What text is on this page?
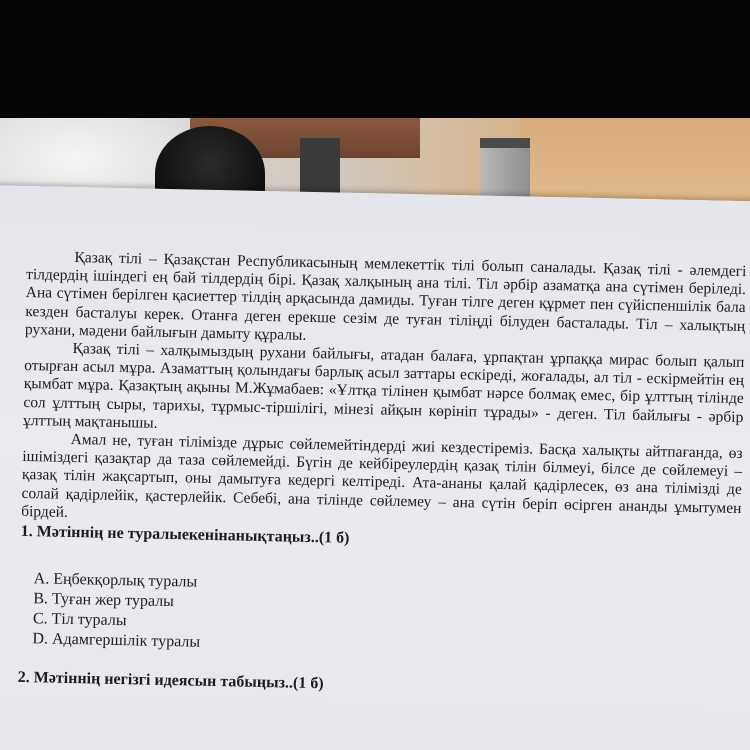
Қазақ тілі – Қазақстан Республикасының мемлекеттік тілі болып саналады. Қазақ тілі - әлемдегі тілдердің ішіндегі ең бай тілдердің бірі. Қазақ халқының ана тілі. Тіл әрбір азаматқа ана сүтімен беріледі. Ана сүтімен берілген қасиеттер тілдің арқасында дамиды. Туған тілге деген құрмет пен сүйіспеншілік бала кезден басталуы керек. Отанға деген ерекше сезім де туған тіліңді білуден басталады. Тіл – халықтың рухани, мәдени байлығын дамыту құралы.

Қазақ тілі – халқымыздың рухани байлығы, атадан балаға, ұрпақтан ұрпаққа мирас болып қалып отырған асыл мұра. Азаматтың қолындағы барлық асыл заттары ескіреді, жоғалады, ал тіл - ескірмейтін ең қымбат мұра. Қазақтың ақыны М.Жұмабаев: «Ұлтқа тілінен қымбат нәрсе болмақ емес, бір ұлттың тілінде сол ұлттың сыры, тарихы, тұрмыс-тіршілігі, мінезі айқын көрініп тұрады» - деген. Тіл байлығы - әрбір ұлттың мақтанышы.

Амал не, туған тілімізде дұрыс сөйлемейтіндерді жиі кездестіреміз. Басқа халықты айтпағанда, өз ішіміздегі қазақтар да таза сөйлемейді. Бүгін де кейбіреулердің қазақ тілін білмеуі, білсе де сөйлемеуі – қазақ тілін жақсартып, оны дамытуға кедергі келтіреді. Ата-ананы қалай қадірлесек, өз ана тілімізді де солай қадірлейік, қастерлейік. Себебі, ана тілінде сөйлемеу – ана сүтін беріп өсірген ананды ұмытумен бірдей.

1. Мәтіннің не туралыекенінанықтаңыз..(1 б)

A. Еңбекқорлық туралы
B. Туған жер туралы
C. Тіл туралы
D. Адамгершілік туралы

2. Мәтіннің негізгі идеясын табыңыз..(1 б)
